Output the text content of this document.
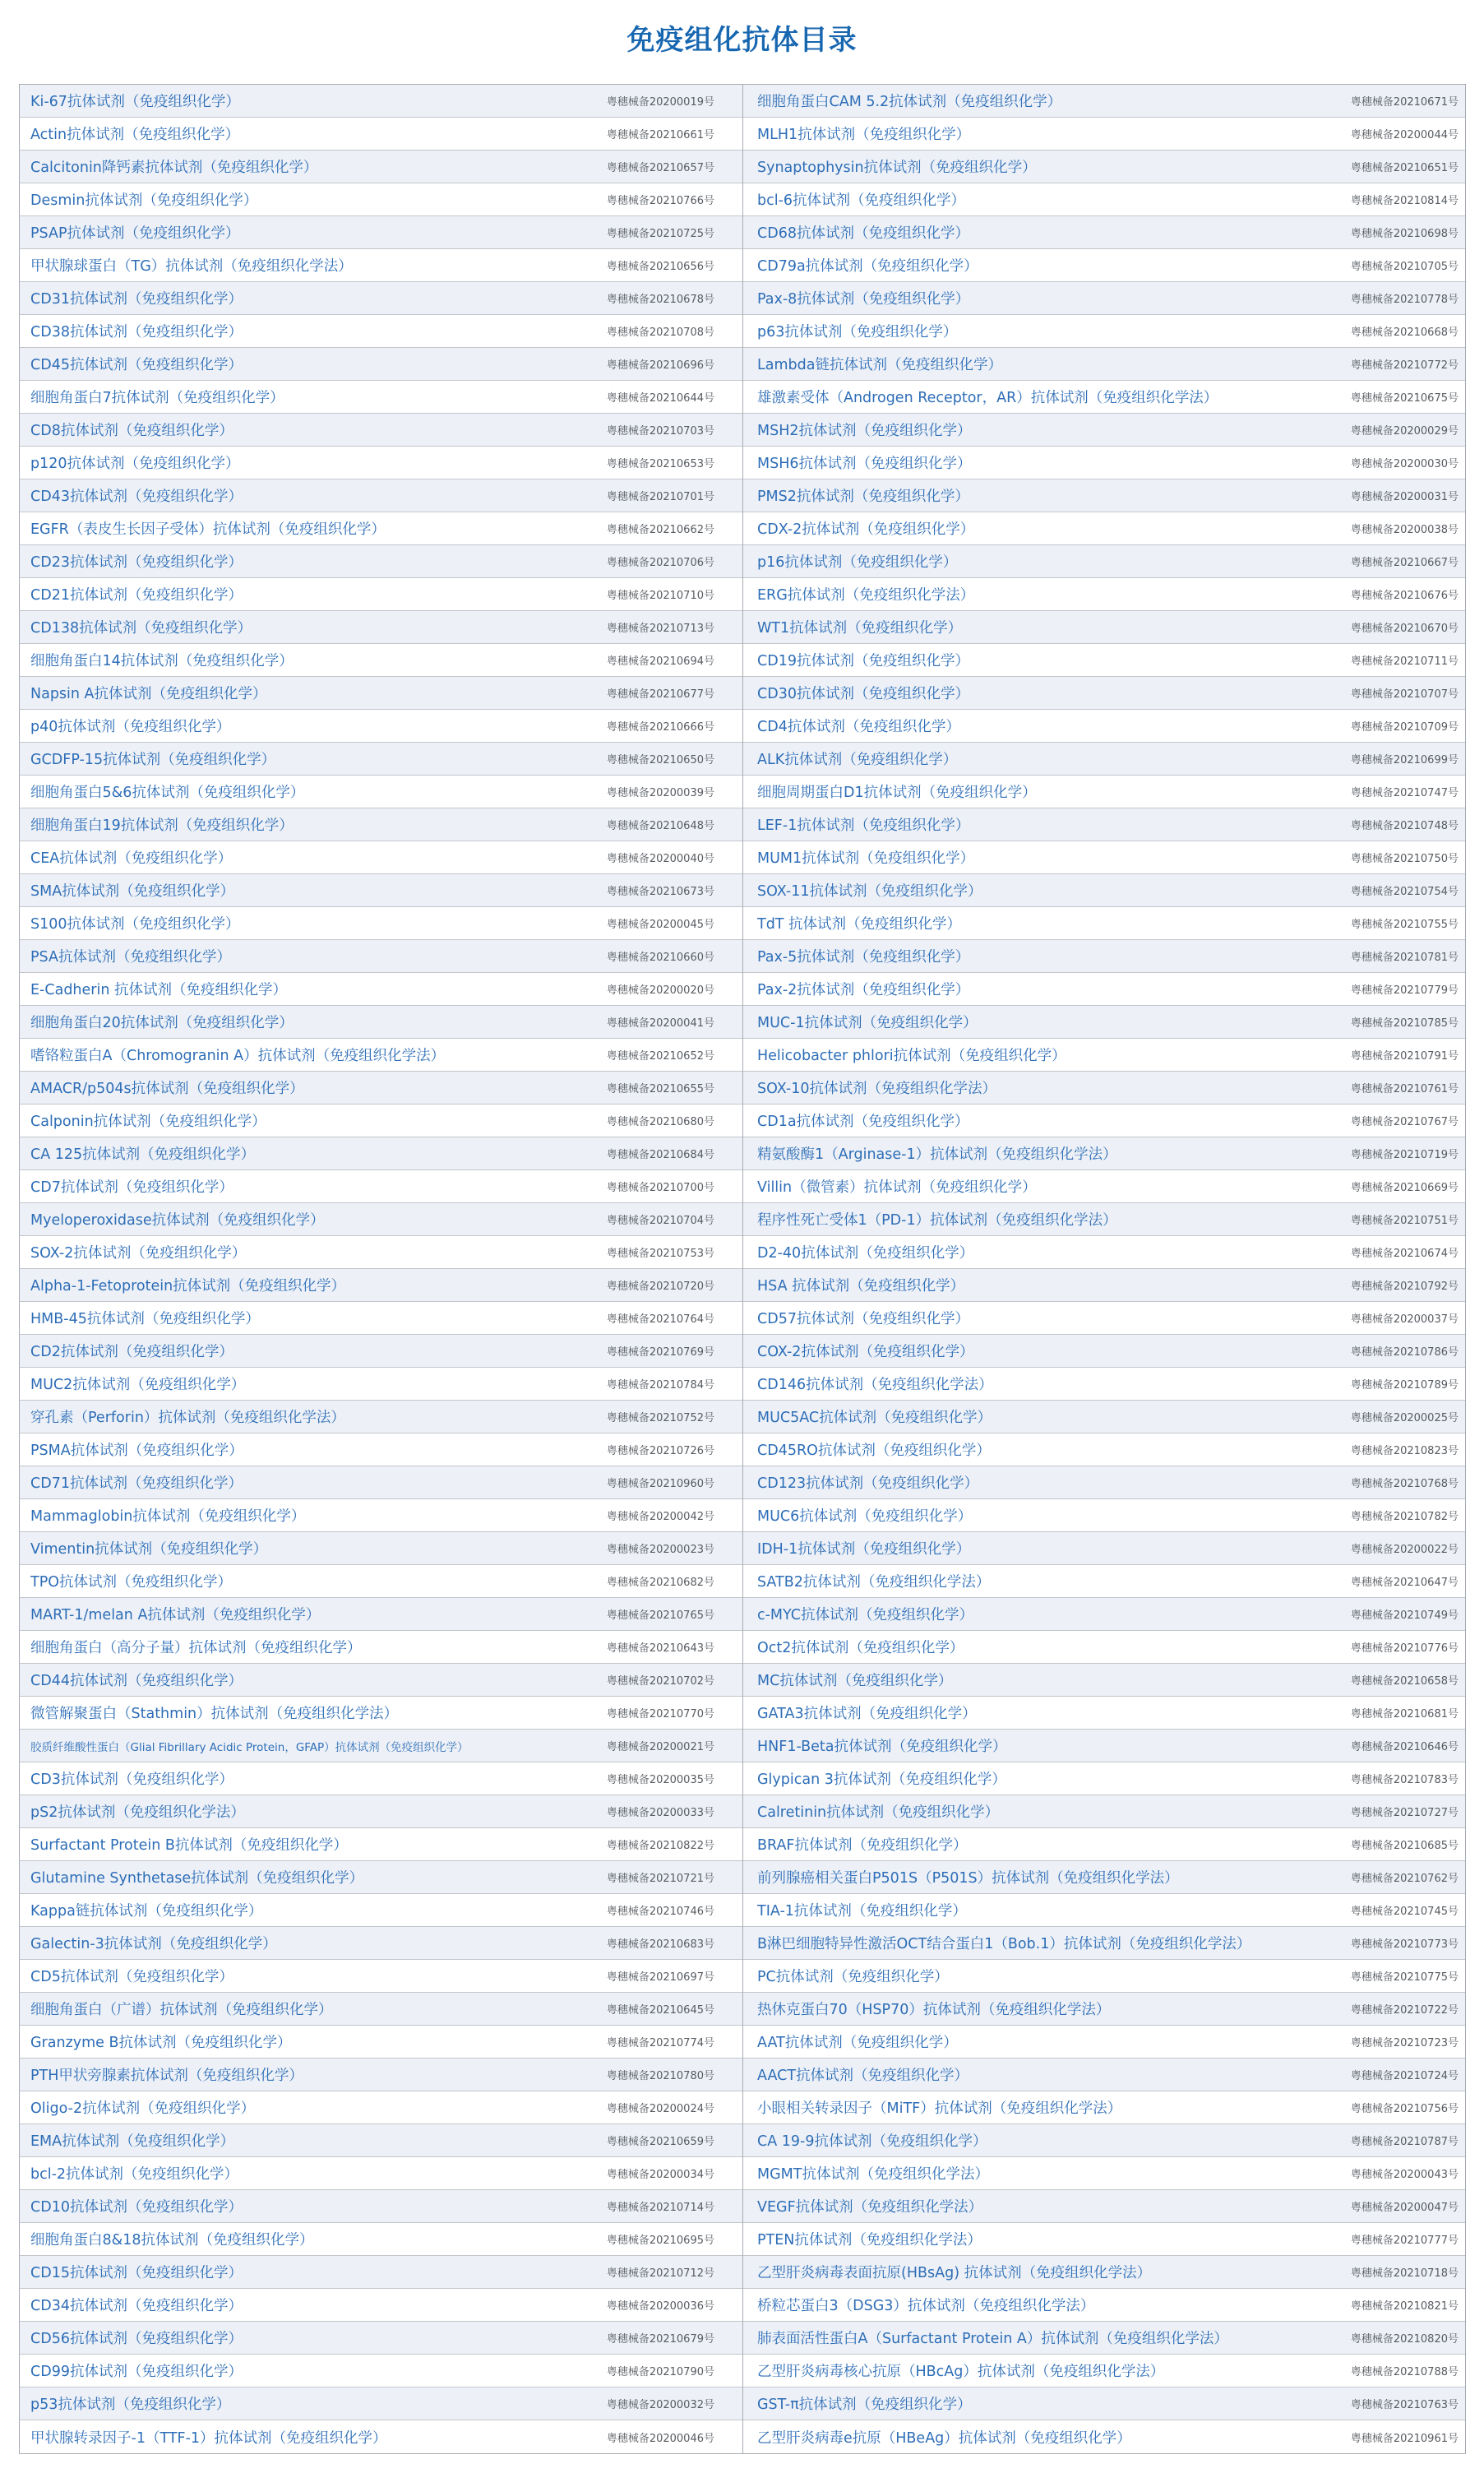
免疫组化抗体目录
Ki-67抗体试剂（免疫组织化学）	粤穗械备20200019号
Actin抗体试剂（免疫组织化学）	粤穗械备20210661号
Calcitonin降钙素抗体试剂（免疫组织化学）	粤穗械备20210657号
Desmin抗体试剂（免疫组织化学）	粤穗械备20210766号
PSAP抗体试剂（免疫组织化学）	粤穗械备20210725号
甲状腺球蛋白（TG）抗体试剂（免疫组织化学法）	粤穗械备20210656号
CD31抗体试剂（免疫组织化学）	粤穗械备20210678号
CD38抗体试剂（免疫组织化学）	粤穗械备20210708号
CD45抗体试剂（免疫组织化学）	粤穗械备20210696号
细胞角蛋白7抗体试剂（免疫组织化学）	粤穗械备20210644号
CD8抗体试剂（免疫组织化学）	粤穗械备20210703号
p120抗体试剂（免疫组织化学）	粤穗械备20210653号
CD43抗体试剂（免疫组织化学）	粤穗械备20210701号
EGFR（表皮生长因子受体）抗体试剂（免疫组织化学）	粤穗械备20210662号
CD23抗体试剂（免疫组织化学）	粤穗械备20210706号
CD21抗体试剂（免疫组织化学）	粤穗械备20210710号
CD138抗体试剂（免疫组织化学）	粤穗械备20210713号
细胞角蛋白14抗体试剂（免疫组织化学）	粤穗械备20210694号
Napsin A抗体试剂（免疫组织化学）	粤穗械备20210677号
p40抗体试剂（免疫组织化学）	粤穗械备20210666号
GCDFP-15抗体试剂（免疫组织化学）	粤穗械备20210650号
细胞角蛋白5&6抗体试剂（免疫组织化学）	粤穗械备20200039号
细胞角蛋白19抗体试剂（免疫组织化学）	粤穗械备20210648号
CEA抗体试剂（免疫组织化学）	粤穗械备20200040号
SMA抗体试剂（免疫组织化学）	粤穗械备20210673号
S100抗体试剂（免疫组织化学）	粤穗械备20200045号
PSA抗体试剂（免疫组织化学）	粤穗械备20210660号
E-Cadherin 抗体试剂（免疫组织化学）	粤穗械备20200020号
细胞角蛋白20抗体试剂（免疫组织化学）	粤穗械备20200041号
嗜铬粒蛋白A（Chromogranin A）抗体试剂（免疫组织化学法）	粤穗械备20210652号
AMACR/p504s抗体试剂（免疫组织化学）	粤穗械备20210655号
Calponin抗体试剂（免疫组织化学）	粤穗械备20210680号
CA 125抗体试剂（免疫组织化学）	粤穗械备20210684号
CD7抗体试剂（免疫组织化学）	粤穗械备20210700号
Myeloperoxidase抗体试剂（免疫组织化学）	粤穗械备20210704号
SOX-2抗体试剂（免疫组织化学）	粤穗械备20210753号
Alpha-1-Fetoprotein抗体试剂（免疫组织化学）	粤穗械备20210720号
HMB-45抗体试剂（免疫组织化学）	粤穗械备20210764号
CD2抗体试剂（免疫组织化学）	粤穗械备20210769号
MUC2抗体试剂（免疫组织化学）	粤穗械备20210784号
穿孔素（Perforin）抗体试剂（免疫组织化学法）	粤穗械备20210752号
PSMA抗体试剂（免疫组织化学）	粤穗械备20210726号
CD71抗体试剂（免疫组织化学）	粤穗械备20210960号
Mammaglobin抗体试剂（免疫组织化学）	粤穗械备20200042号
Vimentin抗体试剂（免疫组织化学）	粤穗械备20200023号
TPO抗体试剂（免疫组织化学）	粤穗械备20210682号
MART-1/melan A抗体试剂（免疫组织化学）	粤穗械备20210765号
细胞角蛋白（高分子量）抗体试剂（免疫组织化学）	粤穗械备20210643号
CD44抗体试剂（免疫组织化学）	粤穗械备20210702号
微管解聚蛋白（Stathmin）抗体试剂（免疫组织化学法）	粤穗械备20210770号
胶质纤维酸性蛋白（Glial Fibrillary Acidic Protein，GFAP）抗体试剂（免疫组织化学）	粤穗械备20200021号
CD3抗体试剂（免疫组织化学）	粤穗械备20200035号
pS2抗体试剂（免疫组织化学法）	粤穗械备20200033号
Surfactant Protein B抗体试剂（免疫组织化学）	粤穗械备20210822号
Glutamine Synthetase抗体试剂（免疫组织化学）	粤穗械备20210721号
Kappa链抗体试剂（免疫组织化学）	粤穗械备20210746号
Galectin-3抗体试剂（免疫组织化学）	粤穗械备20210683号
CD5抗体试剂（免疫组织化学）	粤穗械备20210697号
细胞角蛋白（广谱）抗体试剂（免疫组织化学）	粤穗械备20210645号
Granzyme B抗体试剂（免疫组织化学）	粤穗械备20210774号
PTH甲状旁腺素抗体试剂（免疫组织化学）	粤穗械备20210780号
Oligo-2抗体试剂（免疫组织化学）	粤穗械备20200024号
EMA抗体试剂（免疫组织化学）	粤穗械备20210659号
bcl-2抗体试剂（免疫组织化学）	粤穗械备20200034号
CD10抗体试剂（免疫组织化学）	粤穗械备20210714号
细胞角蛋白8&18抗体试剂（免疫组织化学）	粤穗械备20210695号
CD15抗体试剂（免疫组织化学）	粤穗械备20210712号
CD34抗体试剂（免疫组织化学）	粤穗械备20200036号
CD56抗体试剂（免疫组织化学）	粤穗械备20210679号
CD99抗体试剂（免疫组织化学）	粤穗械备20210790号
p53抗体试剂（免疫组织化学）	粤穗械备20200032号
甲状腺转录因子-1（TTF-1）抗体试剂（免疫组织化学）	粤穗械备20200046号
细胞角蛋白CAM 5.2抗体试剂（免疫组织化学）	粤穗械备20210671号
MLH1抗体试剂（免疫组织化学）	粤穗械备20200044号
Synaptophysin抗体试剂（免疫组织化学）	粤穗械备20210651号
bcl-6抗体试剂（免疫组织化学）	粤穗械备20210814号
CD68抗体试剂（免疫组织化学）	粤穗械备20210698号
CD79a抗体试剂（免疫组织化学）	粤穗械备20210705号
Pax-8抗体试剂（免疫组织化学）	粤穗械备20210778号
p63抗体试剂（免疫组织化学）	粤穗械备20210668号
Lambda链抗体试剂（免疫组织化学）	粤穗械备20210772号
雄激素受体（Androgen Receptor，AR）抗体试剂（免疫组织化学法）	粤穗械备20210675号
MSH2抗体试剂（免疫组织化学）	粤穗械备20200029号
MSH6抗体试剂（免疫组织化学）	粤穗械备20200030号
PMS2抗体试剂（免疫组织化学）	粤穗械备20200031号
CDX-2抗体试剂（免疫组织化学）	粤穗械备20200038号
p16抗体试剂（免疫组织化学）	粤穗械备20210667号
ERG抗体试剂（免疫组织化学法）	粤穗械备20210676号
WT1抗体试剂（免疫组织化学）	粤穗械备20210670号
CD19抗体试剂（免疫组织化学）	粤穗械备20210711号
CD30抗体试剂（免疫组织化学）	粤穗械备20210707号
CD4抗体试剂（免疫组织化学）	粤穗械备20210709号
ALK抗体试剂（免疫组织化学）	粤穗械备20210699号
细胞周期蛋白D1抗体试剂（免疫组织化学）	粤穗械备20210747号
LEF-1抗体试剂（免疫组织化学）	粤穗械备20210748号
MUM1抗体试剂（免疫组织化学）	粤穗械备20210750号
SOX-11抗体试剂（免疫组织化学）	粤穗械备20210754号
TdT 抗体试剂（免疫组织化学）	粤穗械备20210755号
Pax-5抗体试剂（免疫组织化学）	粤穗械备20210781号
Pax-2抗体试剂（免疫组织化学）	粤穗械备20210779号
MUC-1抗体试剂（免疫组织化学）	粤穗械备20210785号
Helicobacter phlori抗体试剂（免疫组织化学）	粤穗械备20210791号
SOX-10抗体试剂（免疫组织化学法）	粤穗械备20210761号
CD1a抗体试剂（免疫组织化学）	粤穗械备20210767号
精氨酸酶1（Arginase-1）抗体试剂（免疫组织化学法）	粤穗械备20210719号
Villin（微管素）抗体试剂（免疫组织化学）	粤穗械备20210669号
程序性死亡受体1（PD-1）抗体试剂（免疫组织化学法）	粤穗械备20210751号
D2-40抗体试剂（免疫组织化学）	粤穗械备20210674号
HSA 抗体试剂（免疫组织化学）	粤穗械备20210792号
CD57抗体试剂（免疫组织化学）	粤穗械备20200037号
COX-2抗体试剂（免疫组织化学）	粤穗械备20210786号
CD146抗体试剂（免疫组织化学法）	粤穗械备20210789号
MUC5AC抗体试剂（免疫组织化学）	粤穗械备20200025号
CD45RO抗体试剂（免疫组织化学）	粤穗械备20210823号
CD123抗体试剂（免疫组织化学）	粤穗械备20210768号
MUC6抗体试剂（免疫组织化学）	粤穗械备20210782号
IDH-1抗体试剂（免疫组织化学）	粤穗械备20200022号
SATB2抗体试剂（免疫组织化学法）	粤穗械备20210647号
c-MYC抗体试剂（免疫组织化学）	粤穗械备20210749号
Oct2抗体试剂（免疫组织化学）	粤穗械备20210776号
MC抗体试剂（免疫组织化学）	粤穗械备20210658号
GATA3抗体试剂（免疫组织化学）	粤穗械备20210681号
HNF1-Beta抗体试剂（免疫组织化学）	粤穗械备20210646号
Glypican 3抗体试剂（免疫组织化学）	粤穗械备20210783号
Calretinin抗体试剂（免疫组织化学）	粤穗械备20210727号
BRAF抗体试剂（免疫组织化学）	粤穗械备20210685号
前列腺癌相关蛋白P501S（P501S）抗体试剂（免疫组织化学法）	粤穗械备20210762号
TIA-1抗体试剂（免疫组织化学）	粤穗械备20210745号
B淋巴细胞特异性激活OCT结合蛋白1（Bob.1）抗体试剂（免疫组织化学法）	粤穗械备20210773号
PC抗体试剂（免疫组织化学）	粤穗械备20210775号
热休克蛋白70（HSP70）抗体试剂（免疫组织化学法）	粤穗械备20210722号
AAT抗体试剂（免疫组织化学）	粤穗械备20210723号
AACT抗体试剂（免疫组织化学）	粤穗械备20210724号
小眼相关转录因子（MiTF）抗体试剂（免疫组织化学法）	粤穗械备20210756号
CA 19-9抗体试剂（免疫组织化学）	粤穗械备20210787号
MGMT抗体试剂（免疫组织化学法）	粤穗械备20200043号
VEGF抗体试剂（免疫组织化学法）	粤穗械备20200047号
PTEN抗体试剂（免疫组织化学法）	粤穗械备20210777号
乙型肝炎病毒表面抗原(HBsAg) 抗体试剂（免疫组织化学法）	粤穗械备20210718号
桥粒芯蛋白3（DSG3）抗体试剂（免疫组织化学法）	粤穗械备20210821号
肺表面活性蛋白A（Surfactant Protein A）抗体试剂（免疫组织化学法）	粤穗械备20210820号
乙型肝炎病毒核心抗原（HBcAg）抗体试剂（免疫组织化学法）	粤穗械备20210788号
GST-π抗体试剂（免疫组织化学）	粤穗械备20210763号
乙型肝炎病毒e抗原（HBeAg）抗体试剂（免疫组织化学）	粤穗械备20210961号
